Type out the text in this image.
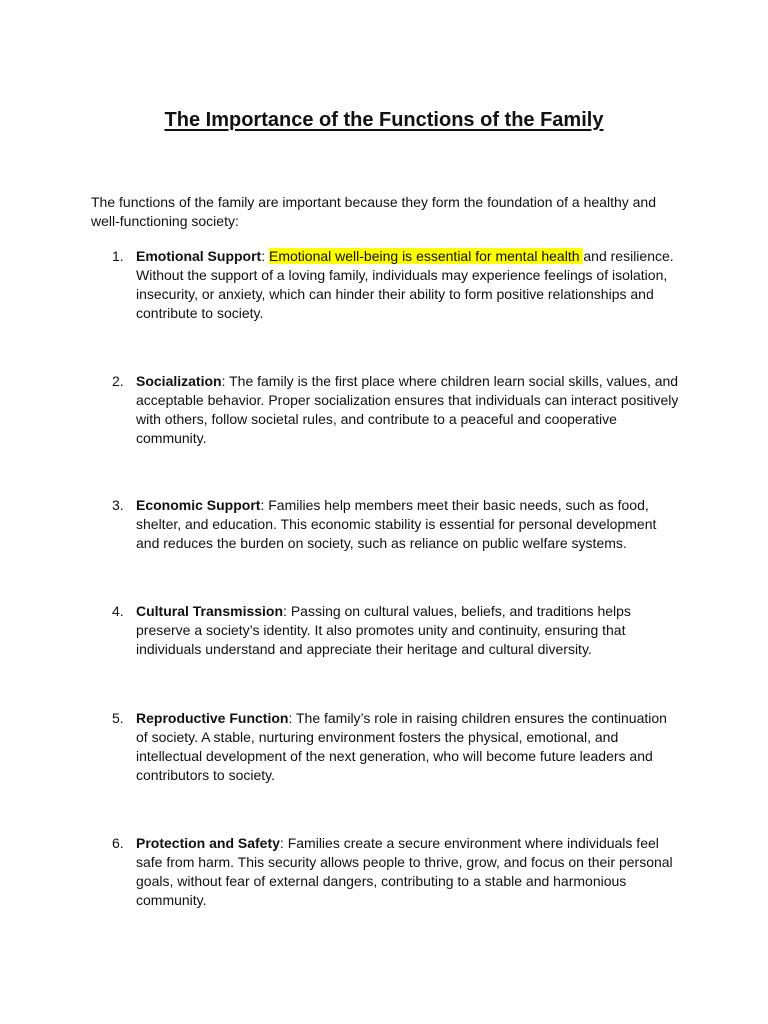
The Importance of the Functions of the Family

The functions of the family are important because they form the foundation of a healthy and well-functioning society:

1. Emotional Support: Emotional well-being is essential for mental health and resilience. Without the support of a loving family, individuals may experience feelings of isolation, insecurity, or anxiety, which can hinder their ability to form positive relationships and contribute to society.

2. Socialization: The family is the first place where children learn social skills, values, and acceptable behavior. Proper socialization ensures that individuals can interact positively with others, follow societal rules, and contribute to a peaceful and cooperative community.

3. Economic Support: Families help members meet their basic needs, such as food, shelter, and education. This economic stability is essential for personal development and reduces the burden on society, such as reliance on public welfare systems.

4. Cultural Transmission: Passing on cultural values, beliefs, and traditions helps preserve a society’s identity. It also promotes unity and continuity, ensuring that individuals understand and appreciate their heritage and cultural diversity.

5. Reproductive Function: The family’s role in raising children ensures the continuation of society. A stable, nurturing environment fosters the physical, emotional, and intellectual development of the next generation, who will become future leaders and contributors to society.

6. Protection and Safety: Families create a secure environment where individuals feel safe from harm. This security allows people to thrive, grow, and focus on their personal goals, without fear of external dangers, contributing to a stable and harmonious community.
